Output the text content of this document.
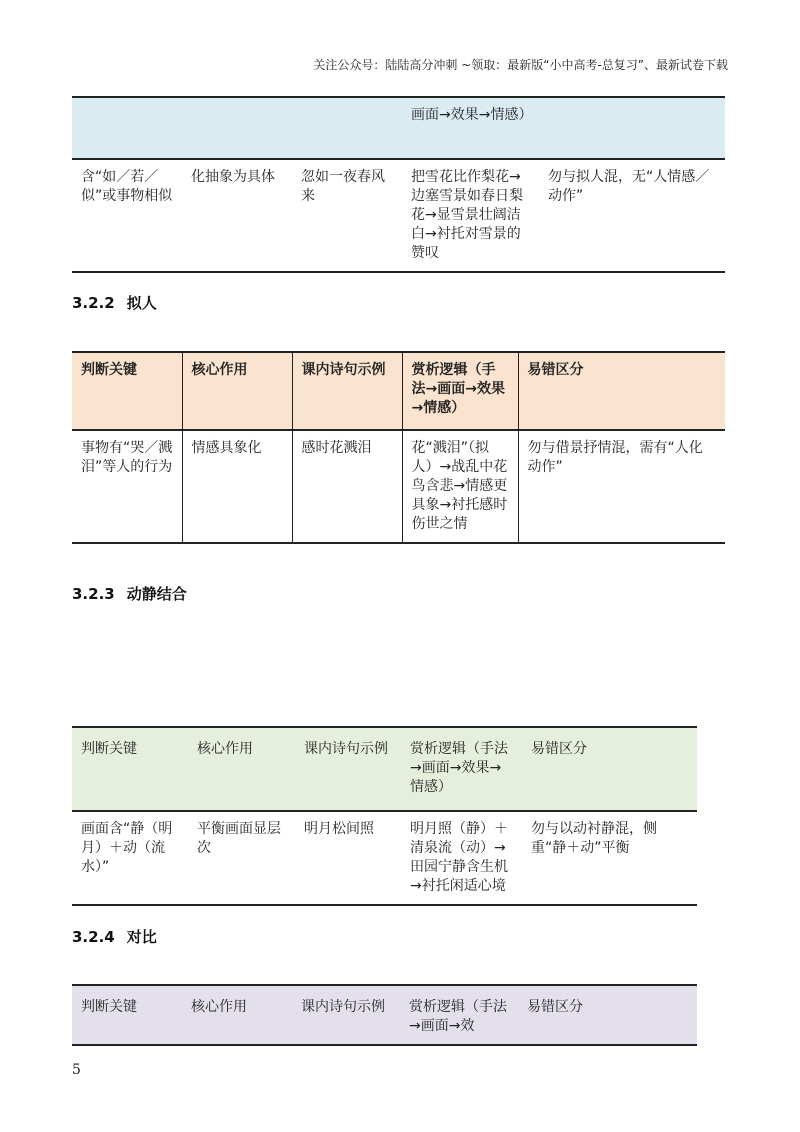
关注公众号：陆陆高分冲刺 ~领取：最新版“小中高考-总复习”、最新试卷下载
			画面→效果→情感）	
含“如／若／似”或事物相似	化抽象为具体	忽如一夜春风来	把雪花比作梨花→边塞雪景如春日梨花→显雪景壮阔洁白→衬托对雪景的赞叹	勿与拟人混，无“人情感／动作”
3.2.2 拟人
判断关键	核心作用	课内诗句示例	赏析逻辑（手法→画面→效果→情感）	易错区分
事物有“哭／溅泪”等人的行为	情感具象化	感时花溅泪	花“溅泪”（拟人）→战乱中花鸟含悲→情感更具象→衬托感时伤世之情	勿与借景抒情混，需有“人化动作”
3.2.3 动静结合
判断关键	核心作用	课内诗句示例	赏析逻辑（手法→画面→效果→情感）	易错区分
画面含“静（明月）＋动（流水）”	平衡画面显层次	明月松间照	明月照（静）＋清泉流（动）→田园宁静含生机→衬托闲适心境	勿与以动衬静混，侧重“静＋动”平衡
3.2.4 对比
判断关键	核心作用	课内诗句示例	赏析逻辑（手法→画面→效	易错区分
5
